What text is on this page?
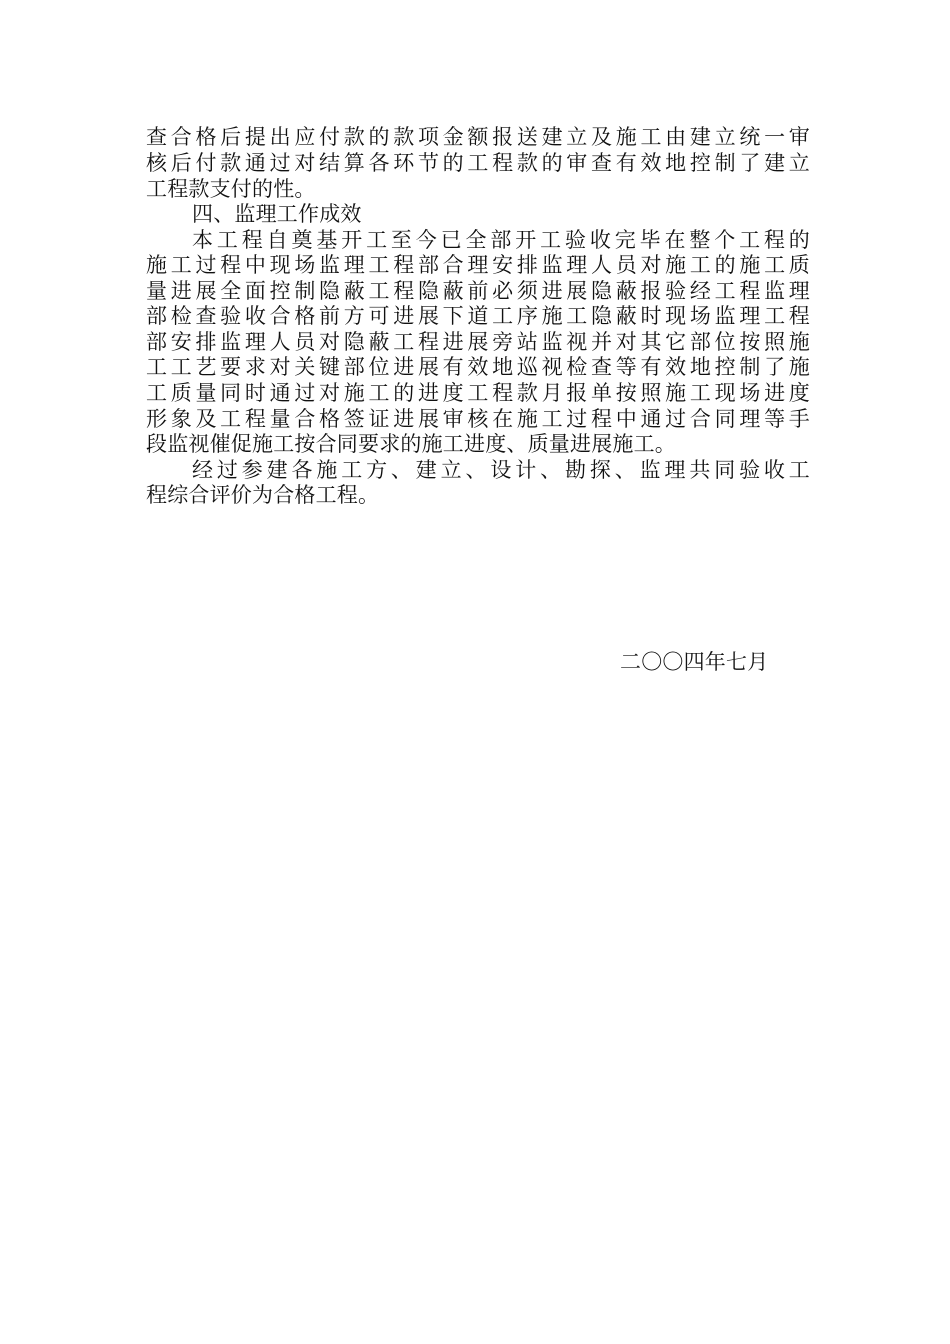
查合格后提出应付款的款项金额报送建立及施工由建立统一审
核后付款通过对结算各环节的工程款的审查有效地控制了建立
工程款支付的性。
四、监理工作成效
本工程自奠基开工至今已全部开工验收完毕在整个工程的
施工过程中现场监理工程部合理安排监理人员对施工的施工质
量进展全面控制隐蔽工程隐蔽前必须进展隐蔽报验经工程监理
部检查验收合格前方可进展下道工序施工隐蔽时现场监理工程
部安排监理人员对隐蔽工程进展旁站监视并对其它部位按照施
工工艺要求对关键部位进展有效地巡视检查等有效地控制了施
工质量同时通过对施工的进度工程款月报单按照施工现场进度
形象及工程量合格签证进展审核在施工过程中通过合同理等手
段监视催促施工按合同要求的施工进度、质量进展施工。
经过参建各施工方、建立、设计、勘探、监理共同验收工
程综合评价为合格工程。
二〇〇四年七月
